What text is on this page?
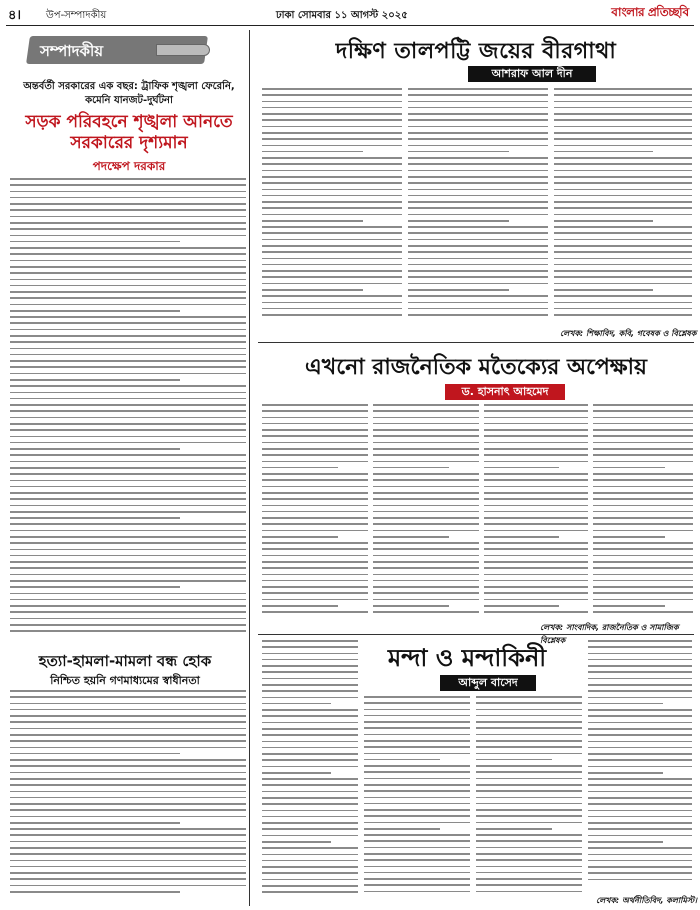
৪। উপ-সম্পাদকীয়	ঢাকা সোমবার ১১ আগস্ট ২০২৫	বাংলার প্রতিচ্ছবি
সম্পাদকীয়
অন্তর্বর্তী সরকারের এক বছর: ট্রাফিক শৃঙ্খলা ফেরেনি, কমেনি যানজট-দুর্ঘটনা
সড়ক পরিবহনে শৃঙ্খলা আনতে সরকারের দৃশ্যমান
পদক্ষেপ দরকার
হত্যা-হামলা-মামলা বন্ধ হোক
নিশ্চিত হয়নি গণমাধ্যমের স্বাধীনতা
দক্ষিণ তালপট্টি জয়ের বীরগাথা
আশরাফ আল দীন
লেখক: শিক্ষাবিদ, কবি, গবেষক ও বিশ্লেষক
এখনো রাজনৈতিক মতৈক্যের অপেক্ষায়
ড. হাসনাৎ আহমেদ
লেখক: সাংবাদিক, রাজনৈতিক ও সামাজিক বিশ্লেষক
মন্দা ও মন্দাকিনী
আব্দুল বাসেদ
লেখক: অর্থনীতিবিদ, কলামিস্ট।
